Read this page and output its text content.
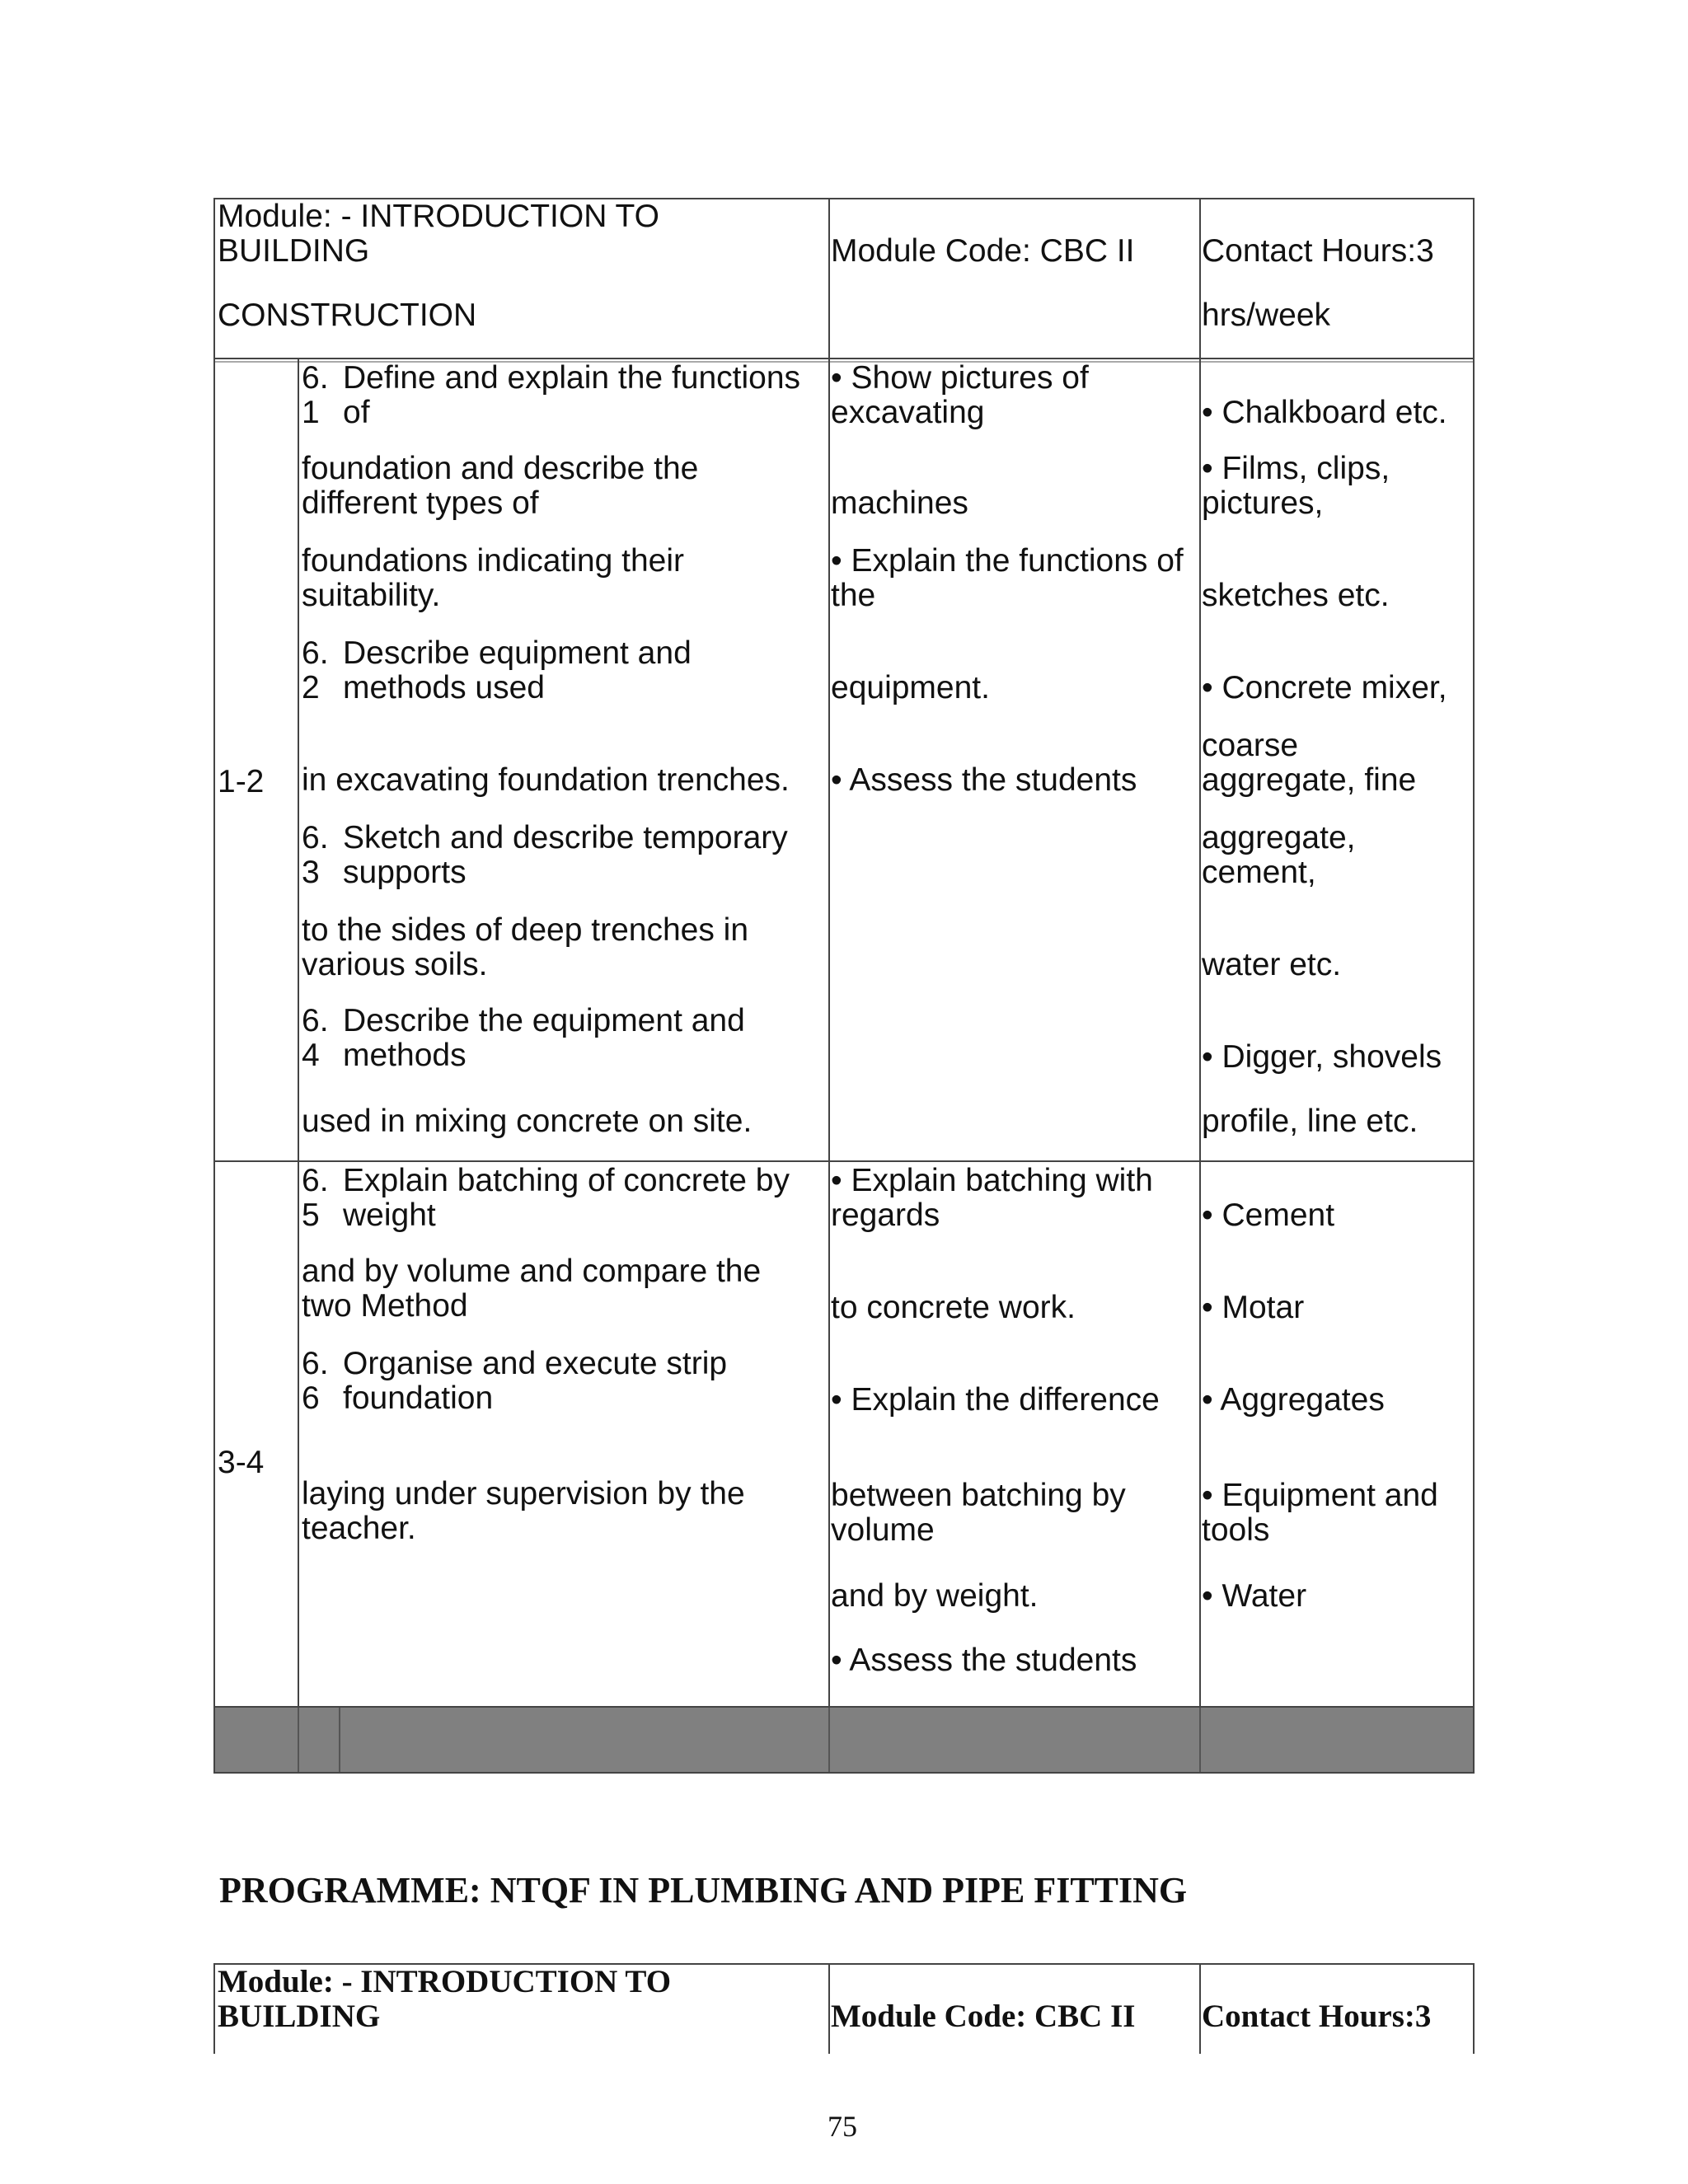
Module: - INTRODUCTION TO
BUILDING
CONSTRUCTION
Module Code: CBC II Contact Hours:3
hrs/week
1-2
6.
1
Define and explain the functions
of
foundation and describe the
different types of
foundations indicating their
suitability.
6.
2
Describe equipment and
methods used
in excavating foundation trenches.
6.
3
Sketch and describe temporary
supports
to the sides of deep trenches in
various soils.
6.
4
Describe the equipment and
methods
used in mixing concrete on site.
• Show pictures of
excavating
machines
• Explain the functions of
the
equipment.
• Assess the students
• Chalkboard etc.
• Films, clips,
pictures,
sketches etc.
• Concrete mixer,
coarse
aggregate, fine
aggregate,
cement,
water etc.
• Digger, shovels
profile, line etc.
3-4
6.
5
Explain batching of concrete by
weight
and by volume and compare the
two Method
6.
6
Organise and execute strip
foundation
laying under supervision by the
teacher.
• Explain batching with
regards
to concrete work.
• Explain the difference
between batching by
volume
and by weight.
• Assess the students
• Cement
• Motar
• Aggregates
• Equipment and
tools
• Water
PROGRAMME: NTQF IN PLUMBING AND PIPE FITTING
Module: - INTRODUCTION TO
BUILDING	Module Code: CBC II Contact Hours:3
75
